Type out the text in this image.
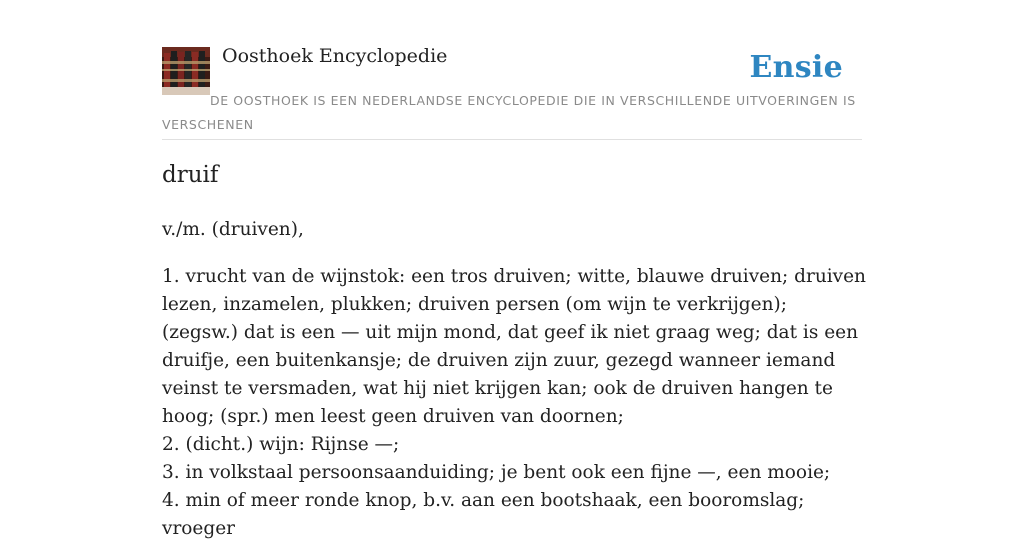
Oosthoek Encyclopedie	Ensie
DE OOSTHOEK IS EEN NEDERLANDSE ENCYCLOPEDIE DIE IN VERSCHILLENDE UITVOERINGEN IS VERSCHENEN
druif

v./m. (druiven),

1. vrucht van de wijnstok: een tros druiven; witte, blauwe druiven; druiven lezen, inzamelen, plukken; druiven persen (om wijn te verkrijgen); (zegsw.) dat is een — uit mijn mond, dat geef ik niet graag weg; dat is een druifje, een buitenkansje; de druiven zijn zuur, gezegd wanneer iemand veinst te versmaden, wat hij niet krijgen kan; ook de druiven hangen te hoog; (spr.) men leest geen druiven van doornen;
2. (dicht.) wijn: Rijnse —;
3. in volkstaal persoonsaanduiding; je bent ook een fijne —, een mooie;
4. min of meer ronde knop, b.v. aan een bootshaak, een booromslag; vroeger
